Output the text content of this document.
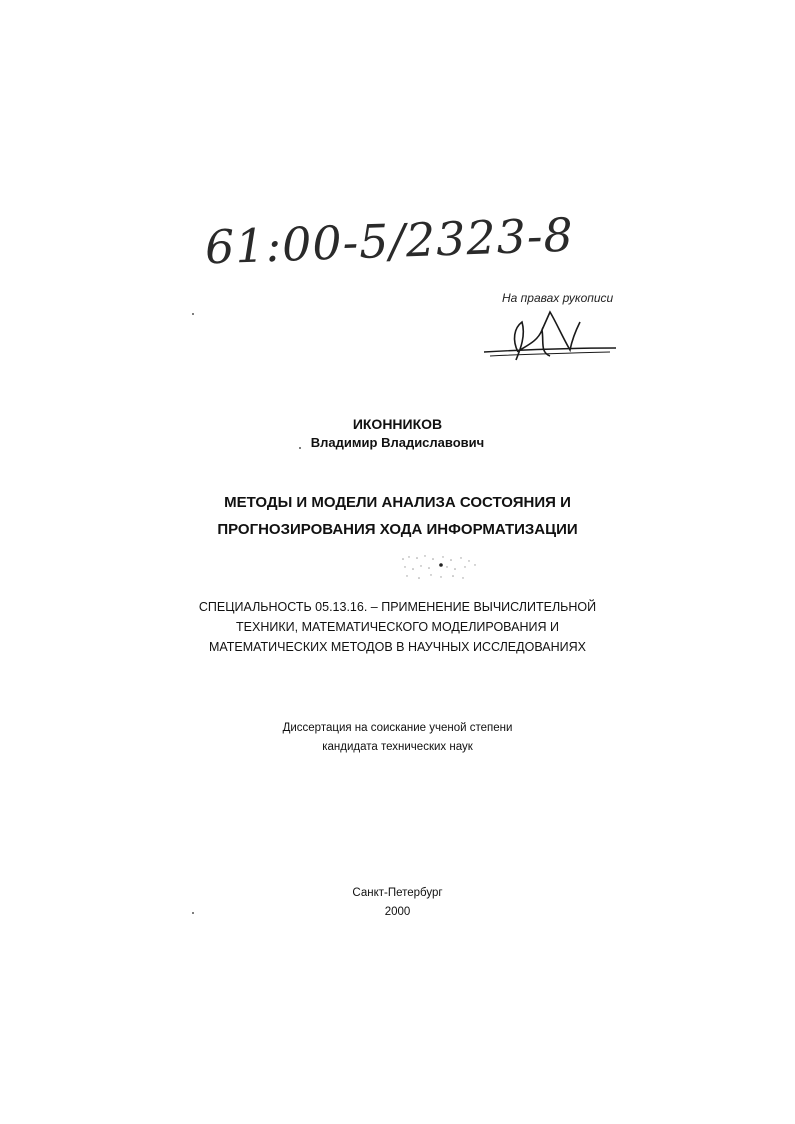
61:00-5/2323-8
На правах рукописи
ИКОННИКОВ
Владимир Владиславович
МЕТОДЫ И МОДЕЛИ АНАЛИЗА СОСТОЯНИЯ И
ПРОГНОЗИРОВАНИЯ ХОДА ИНФОРМАТИЗАЦИИ
СПЕЦИАЛЬНОСТЬ 05.13.16. – ПРИМЕНЕНИЕ ВЫЧИСЛИТЕЛЬНОЙ
ТЕХНИКИ, МАТЕМАТИЧЕСКОГО МОДЕЛИРОВАНИЯ И
МАТЕМАТИЧЕСКИХ МЕТОДОВ В НАУЧНЫХ ИССЛЕДОВАНИЯХ
Диссертация на соискание ученой степени
кандидата технических наук
Санкт-Петербург
2000
